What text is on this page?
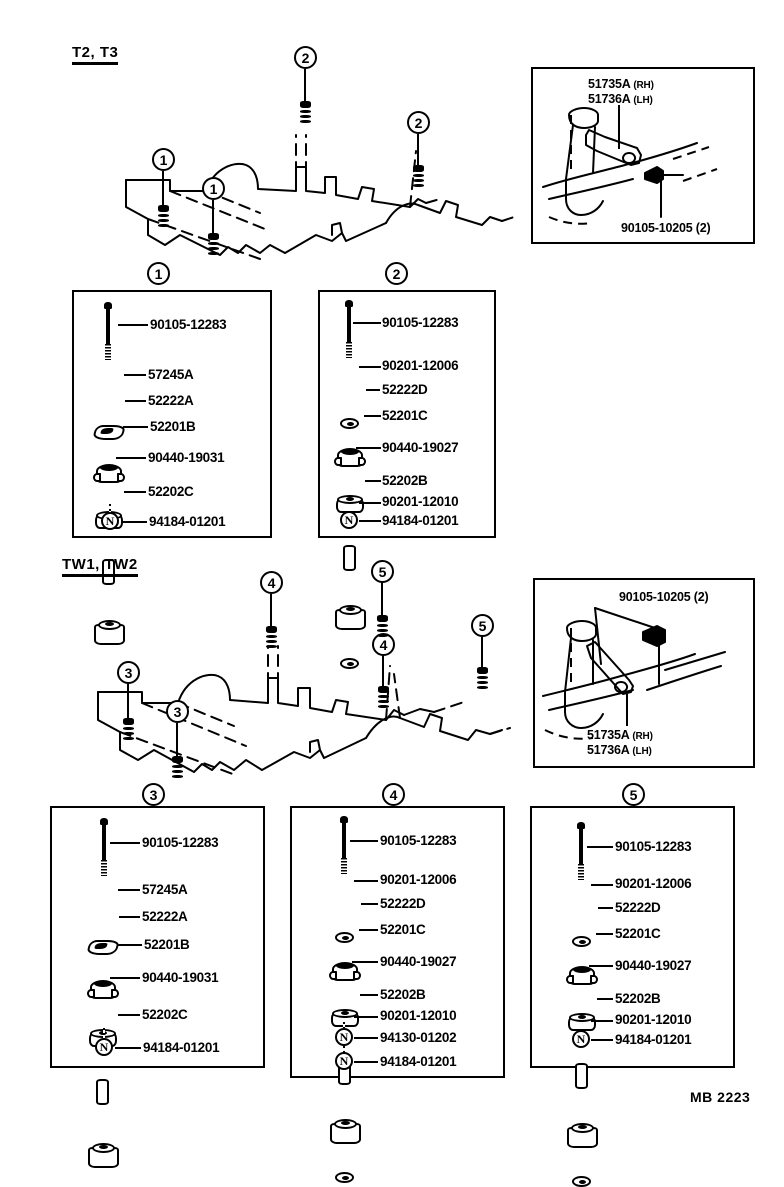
T2, T3
1
1
2
2
51735A (RH)
51736A (LH)
90105-10205 (2)
1	2
90105-12283
57245A
52222A
52201B
90440-19031
52202C
N	94184-01201
90105-12283
90201-12006
52222D
52201C
90440-19027
52202B
90201-12010
N	94184-01201
TW1, TW2
3
3
4
4
5
5
90105-10205 (2)
51735A (RH)
51736A (LH)
3	4	5
90105-12283
57245A
52222A
52201B
90440-19031
52202C
N	94184-01201
90105-12283
90201-12006
52222D
52201C
90440-19027
52202B
90201-12010
N	94130-01202
N	94184-01201
90105-12283
90201-12006
52222D
52201C
90440-19027
52202B
90201-12010
N	94184-01201
MB 2223
